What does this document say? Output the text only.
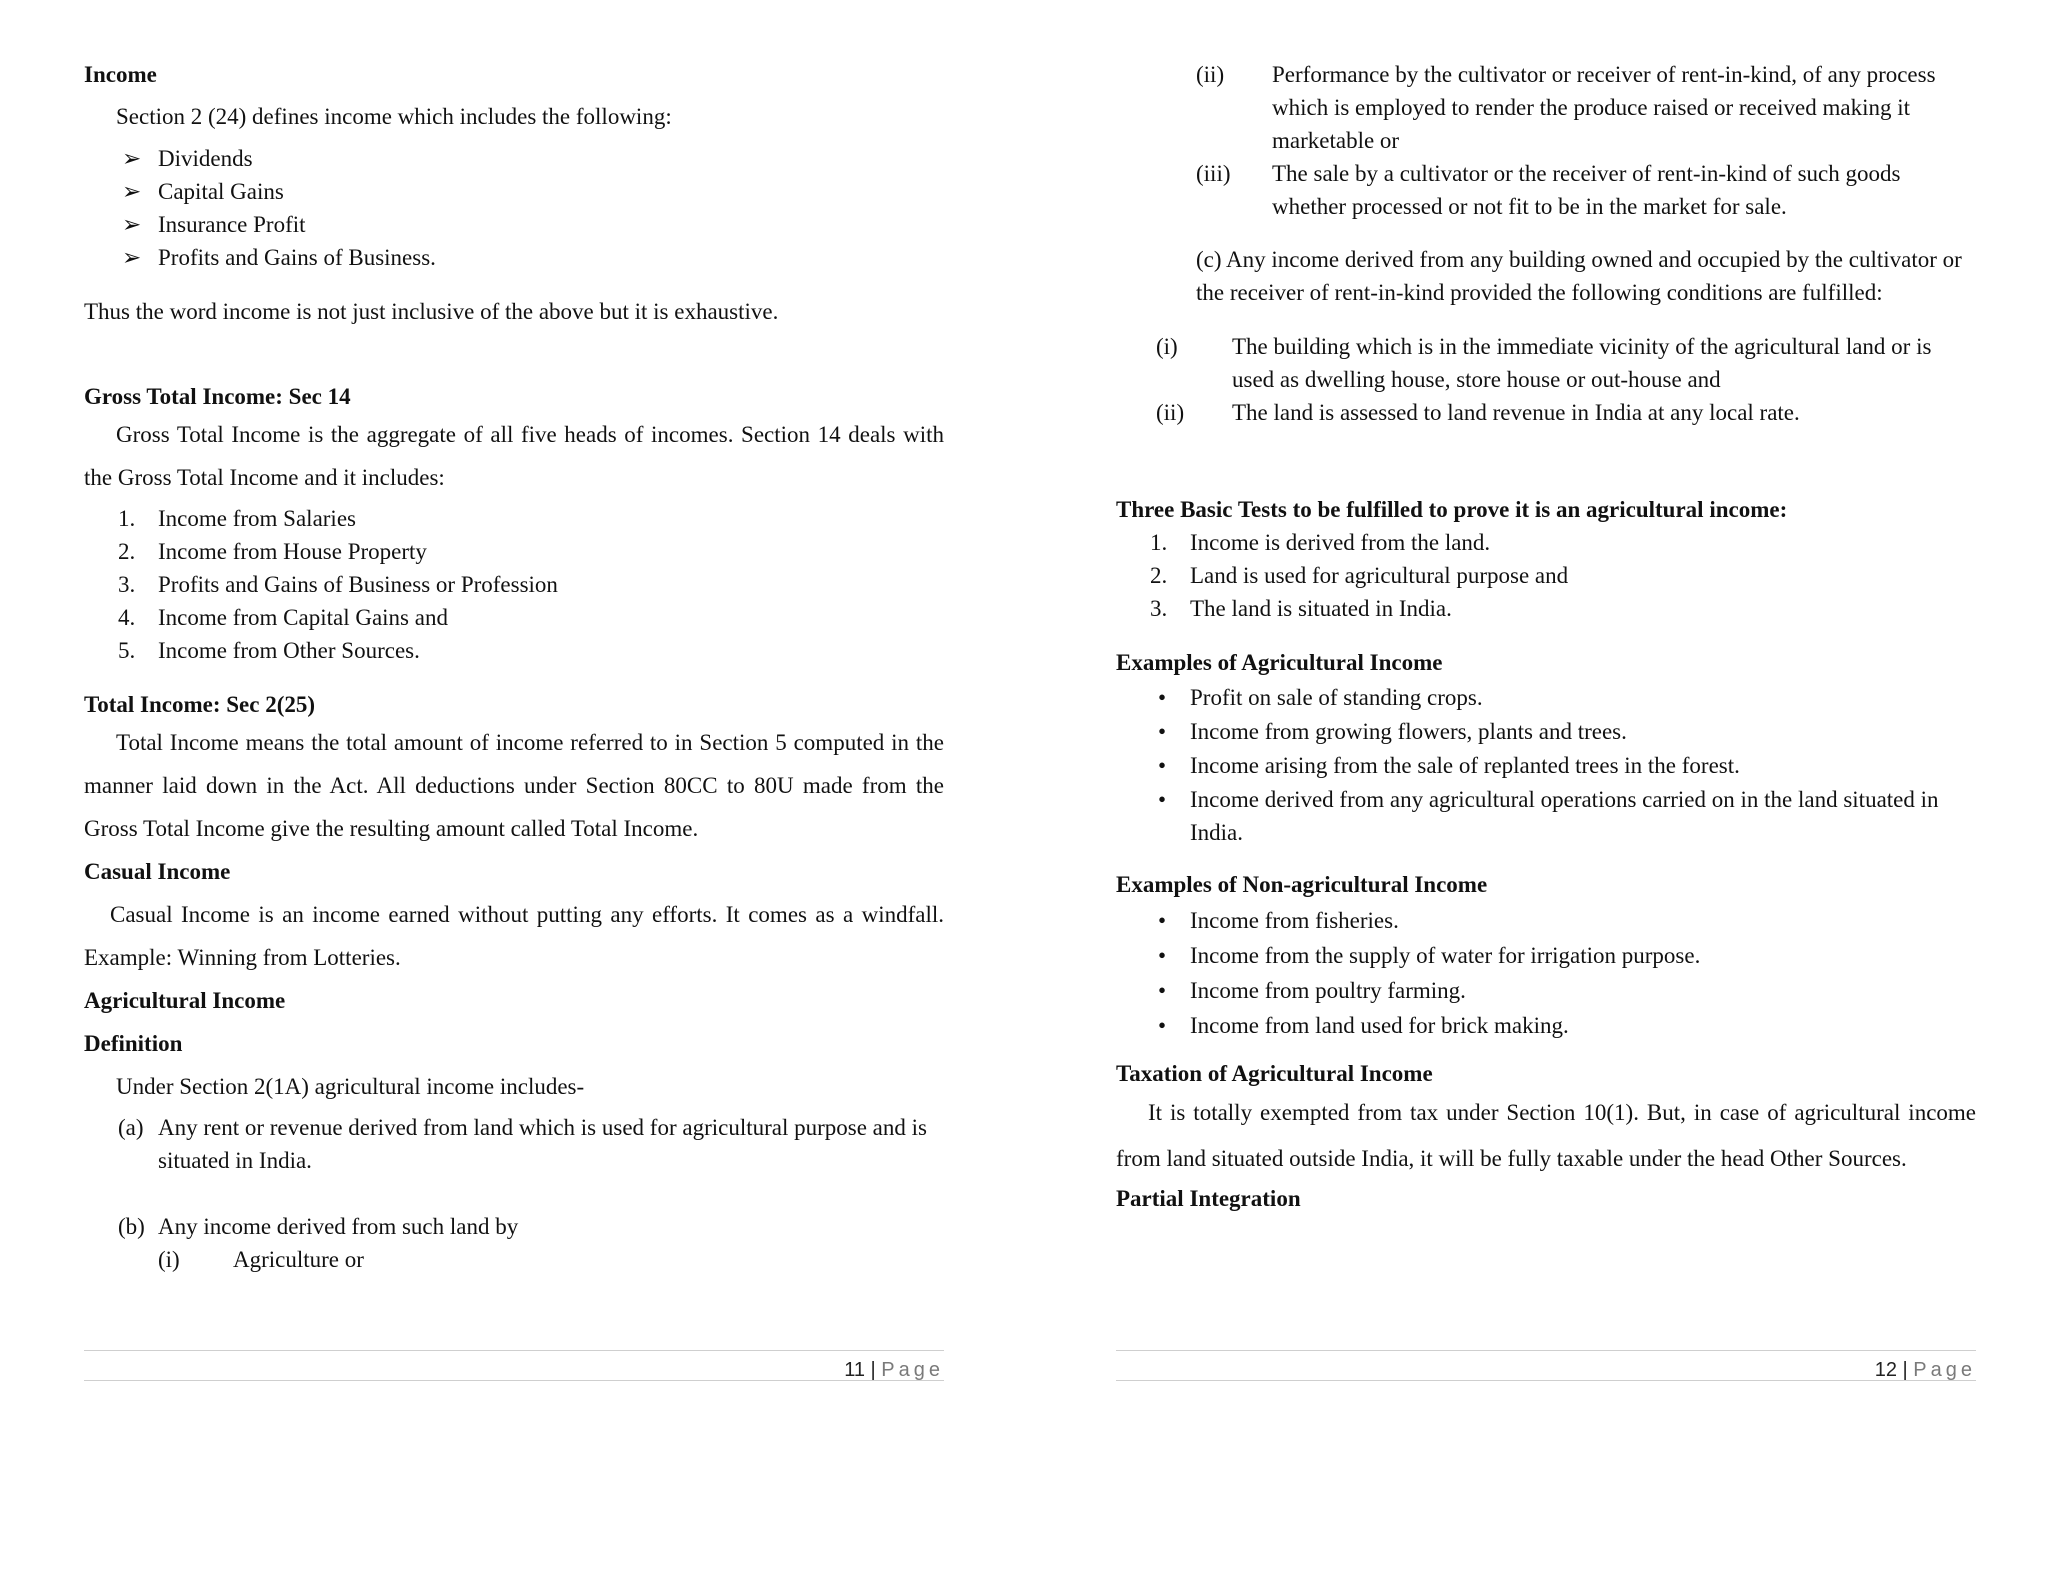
Income

Section 2 (24) defines income which includes the following:

➢ Dividends
➢ Capital Gains
➢ Insurance Profit
➢ Profits and Gains of Business.

Thus the word income is not just inclusive of the above but it is exhaustive.

Gross Total Income: Sec 14

Gross Total Income is the aggregate of all five heads of incomes. Section 14 deals with the Gross Total Income and it includes:

1. Income from Salaries
2. Income from House Property
3. Profits and Gains of Business or Profession
4. Income from Capital Gains and
5. Income from Other Sources.

Total Income: Sec 2(25)

Total Income means the total amount of income referred to in Section 5 computed in the manner laid down in the Act. All deductions under Section 80CC to 80U made from the Gross Total Income give the resulting amount called Total Income.

Casual Income

Casual Income is an income earned without putting any efforts. It comes as a windfall. Example: Winning from Lotteries.

Agricultural Income

Definition

Under Section 2(1A) agricultural income includes-

(a) Any rent or revenue derived from land which is used for agricultural purpose and is situated in India.
(b) Any income derived from such land by
(i) Agriculture or
11 | Page
(ii) Performance by the cultivator or receiver of rent-in-kind, of any process which is employed to render the produce raised or received making it marketable or
(iii) The sale by a cultivator or the receiver of rent-in-kind of such goods whether processed or not fit to be in the market for sale.

(c) Any income derived from any building owned and occupied by the cultivator or the receiver of rent-in-kind provided the following conditions are fulfilled:

(i) The building which is in the immediate vicinity of the agricultural land or is used as dwelling house, store house or out-house and
(ii) The land is assessed to land revenue in India at any local rate.

Three Basic Tests to be fulfilled to prove it is an agricultural income:

1. Income is derived from the land.
2. Land is used for agricultural purpose and
3. The land is situated in India.

Examples of Agricultural Income

• Profit on sale of standing crops.
• Income from growing flowers, plants and trees.
• Income arising from the sale of replanted trees in the forest.
• Income derived from any agricultural operations carried on in the land situated in India.

Examples of Non-agricultural Income

• Income from fisheries.
• Income from the supply of water for irrigation purpose.
• Income from poultry farming.
• Income from land used for brick making.

Taxation of Agricultural Income

It is totally exempted from tax under Section 10(1). But, in case of agricultural income from land situated outside India, it will be fully taxable under the head Other Sources.

Partial Integration

12 | Page
